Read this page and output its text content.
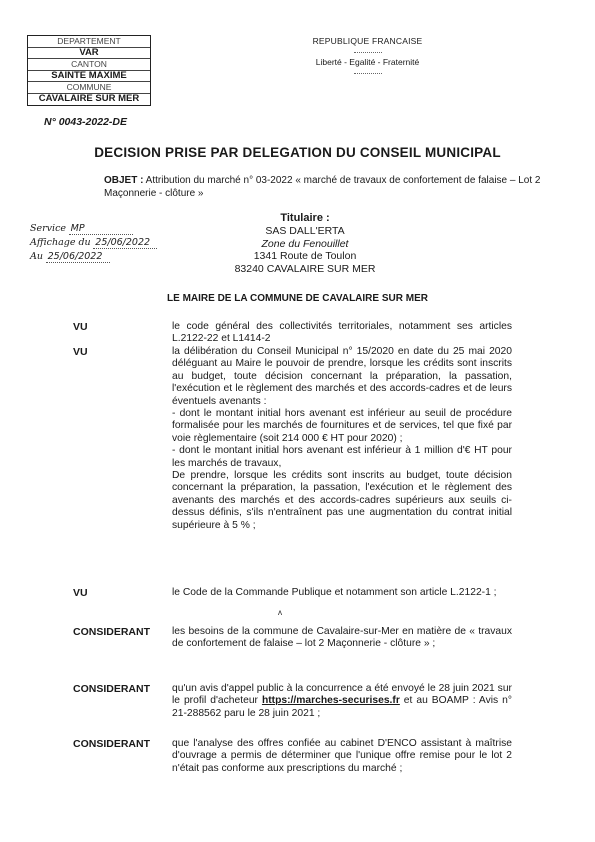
DEPARTEMENT
VAR
CANTON
SAINTE MAXIME
COMMUNE
CAVALAIRE SUR MER
REPUBLIQUE FRANCAISE
Liberté - Egalité - Fraternité
N° 0043-2022-DE
DECISION PRISE PAR DELEGATION DU CONSEIL MUNICIPAL
OBJET : Attribution du marché n° 03-2022 « marché de travaux de confortement de falaise – Lot 2 Maçonnerie - clôture »
Service MP
Affichage du 25/06/2022
Au 25/06/2022
Titulaire :
SAS DALL'ERTA
Zone du Fenouillet
1341 Route de Toulon
83240 CAVALAIRE SUR MER
LE MAIRE DE LA COMMUNE DE CAVALAIRE SUR MER
VU	le code général des collectivités territoriales, notamment ses articles L.2122-22 et L1414-2

VU	la délibération du Conseil Municipal n° 15/2020 en date du 25 mai 2020 déléguant au Maire le pouvoir de prendre, lorsque les crédits sont inscrits au budget, toute décision concernant la préparation, la passation, l'exécution et le règlement des marchés et des accords-cadres et de leurs éventuels avenants :

- dont le montant initial hors avenant est inférieur au seuil de procédure formalisée pour les marchés de fournitures et de services, tel que fixé par voie règlementaire (soit 214 000 € HT pour 2020) ;

- dont le montant initial hors avenant est inférieur à 1 million d'€ HT pour les marchés de travaux,

De prendre, lorsque les crédits sont inscrits au budget, toute décision concernant la préparation, la passation, l'exécution et le règlement des avenants des marchés et des accords-cadres supérieurs aux seuils ci-dessus définis, s'ils n'entraînent pas une augmentation du contrat initial supérieure à 5 % ;

VU	le Code de la Commande Publique et notamment son article L.2122-1 ;

ʌ
CONSIDERANT les besoins de la commune de Cavalaire-sur-Mer en matière de « travaux de confortement de falaise – lot 2 Maçonnerie - clôture » ;

CONSIDERANT qu'un avis d'appel public à la concurrence a été envoyé le 28 juin 2021 sur le profil d'acheteur https://marches-securises.fr et au BOAMP : Avis n° 21-288562 paru le 28 juin 2021 ;

CONSIDERANT que l'analyse des offres confiée au cabinet D'ENCO assistant à maîtrise d'ouvrage a permis de déterminer que l'unique offre remise pour le lot 2 n'était pas conforme aux prescriptions du marché ;
